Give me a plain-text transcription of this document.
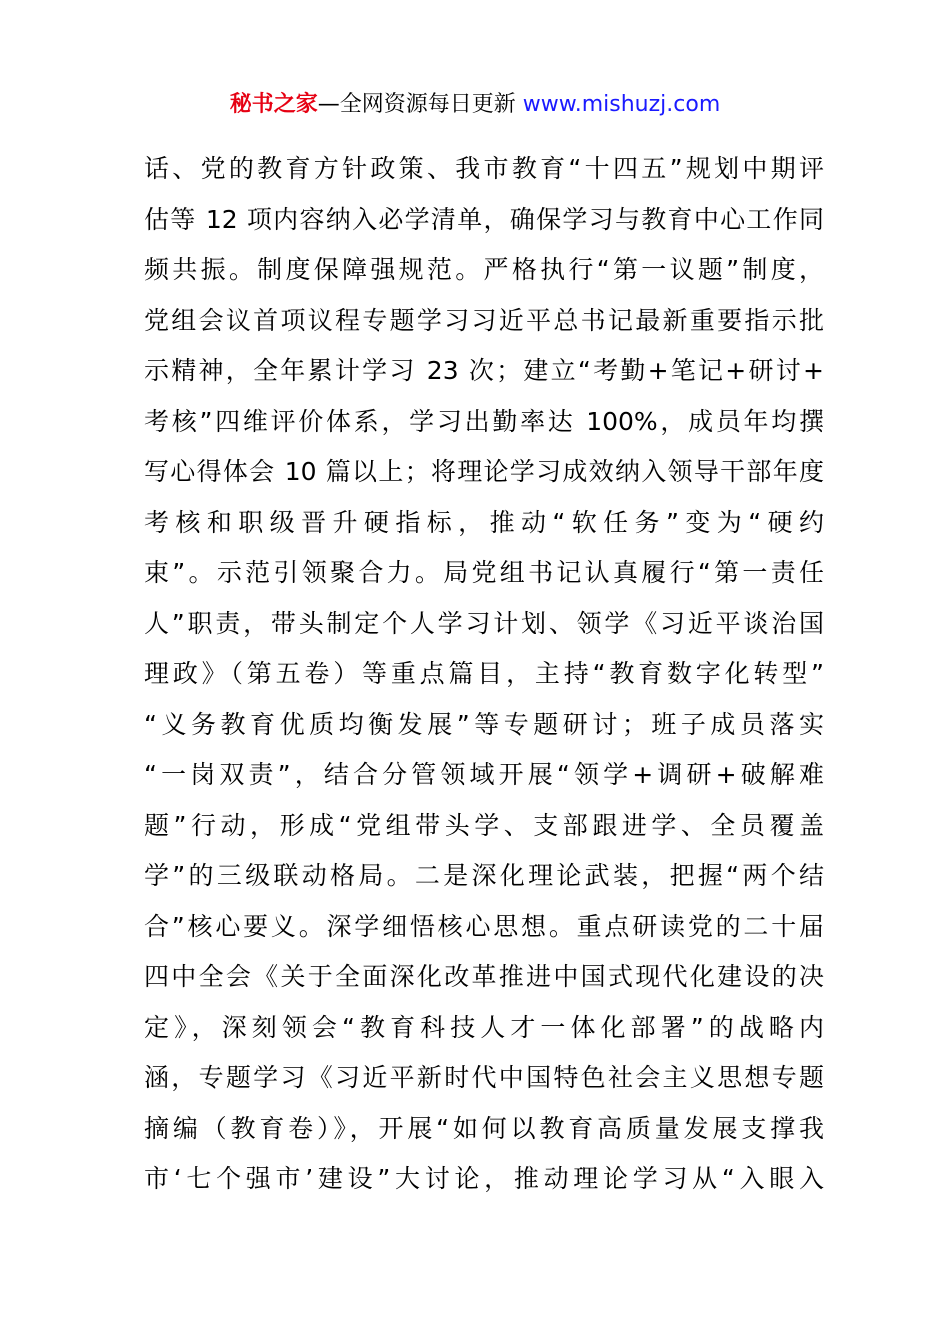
秘书之家—全网资源每日更新 www.mishuzj.com
话、党的教育方针政策、我市教育“十四五”规划中期评
估等 12 项内容纳入必学清单，确保学习与教育中心工作同
频共振。制度保障强规范。严格执行“第一议题”制度，
党组会议首项议程专题学习习近平总书记最新重要指示批
示精神，全年累计学习 23 次；建立“考勤+笔记+研讨+
考核”四维评价体系，学习出勤率达 100%，成员年均撰
写心得体会 10 篇以上；将理论学习成效纳入领导干部年度
考核和职级晋升硬指标，推动“软任务”变为“硬约
束”。示范引领聚合力。局党组书记认真履行“第一责任
人”职责，带头制定个人学习计划、领学《习近平谈治国
理政》（第五卷）等重点篇目，主持“教育数字化转型”
“义务教育优质均衡发展”等专题研讨；班子成员落实
“一岗双责”，结合分管领域开展“领学+调研+破解难
题”行动，形成“党组带头学、支部跟进学、全员覆盖
学”的三级联动格局。二是深化理论武装，把握“两个结
合”核心要义。深学细悟核心思想。重点研读党的二十届
四中全会《关于全面深化改革推进中国式现代化建设的决
定》，深刻领会“教育科技人才一体化部署”的战略内
涵，专题学习《习近平新时代中国特色社会主义思想专题
摘编（教育卷）》，开展“如何以教育高质量发展支撑我
市‘七个强市’建设”大讨论，推动理论学习从“入眼入
